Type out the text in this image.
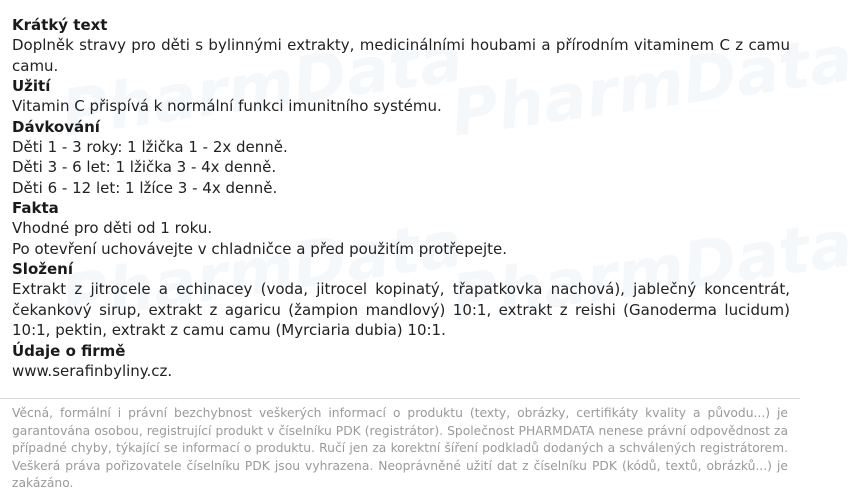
Krátký text

Doplněk stravy pro děti s bylinnými extrakty, medicinálními houbami a přírodním vitaminem C z camu camu.

Užití

Vitamin C přispívá k normální funkci imunitního systému.

Dávkování

Děti 1 - 3 roky: 1 lžička 1 - 2x denně.

Děti 3 - 6 let: 1 lžička 3 - 4x denně.

Děti 6 - 12 let: 1 lžíce 3 - 4x denně.

Fakta

Vhodné pro děti od 1 roku.

Po otevření uchovávejte v chladničce a před použitím protřepejte.

Složení

Extrakt z jitrocele a echinacey (voda, jitrocel kopinatý, třapatkovka nachová), jablečný koncentrát, čekankový sirup, extrakt z agaricu (žampion mandlový) 10:1, extrakt z reishi (Ganoderma lucidum) 10:1, pektin, extrakt z camu camu (Myrciaria dubia) 10:1.

Údaje o firmě

www.serafinbyliny.cz.

Věcná, formální i právní bezchybnost veškerých informací o produktu (texty, obrázky, certifikáty kvality a původu...) je garantována osobou, registrující produkt v číselníku PDK (registrátor). Společnost PHARMDATA nenese právní odpovědnost za případné chyby, týkající se informací o produktu. Ručí jen za korektní šíření podkladů dodaných a schválených registrátorem. Veškerá práva pořizovatele číselníku PDK jsou vyhrazena. Neoprávněné užití dat z číselníku PDK (kódů, textů, obrázků...) je zakázáno.
